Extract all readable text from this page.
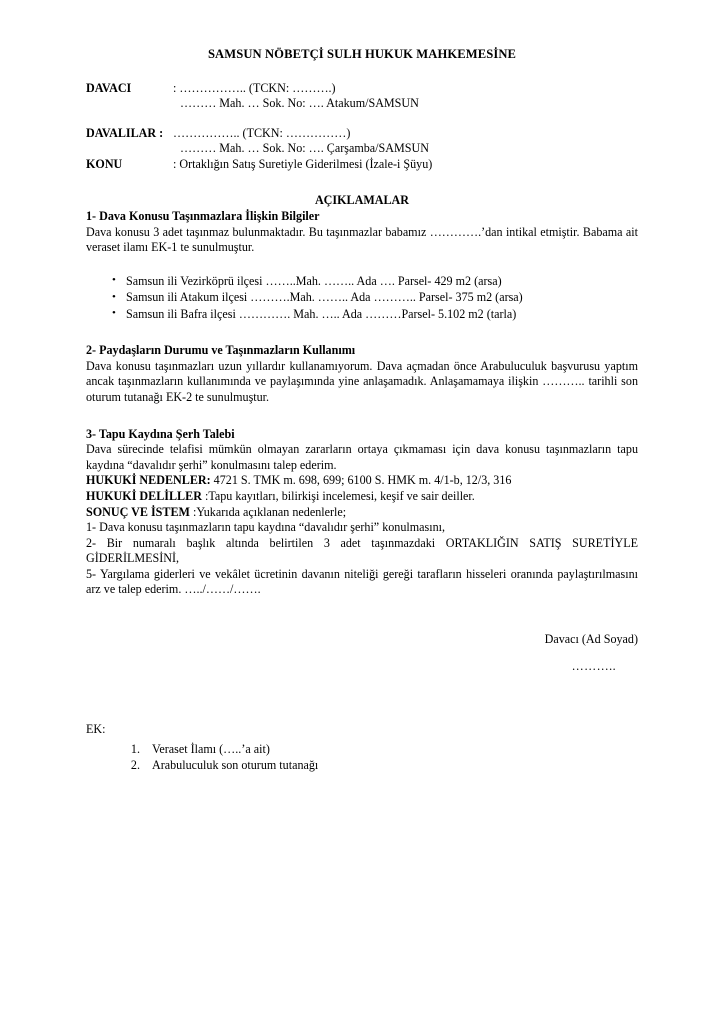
SAMSUN NÖBETÇİ SULH HUKUK MAHKEMESİNE
DAVACI	: …………….. (TCKN: ……….)
……… Mah. … Sok. No: …. Atakum/SAMSUN
DAVALILAR : …………….. (TCKN: ……………)
……… Mah. … Sok. No: …. Çarşamba/SAMSUN
KONU	: Ortaklığın Satış Suretiyle Giderilmesi (İzale-i Şüyu)
AÇIKLAMALAR
1- Dava Konusu Taşınmazlara İlişkin Bilgiler

Dava konusu 3 adet taşınmaz bulunmaktadır. Bu taşınmazlar babamız ………….’dan intikal etmiştir. Babama ait veraset ilamı EK-1 te sunulmuştur.

• Samsun ili Vezirköprü ilçesi ……..Mah. …….. Ada …. Parsel- 429 m2 (arsa)
• Samsun ili Atakum ilçesi ……….Mah. …….. Ada ……….. Parsel- 375 m2 (arsa)
• Samsun ili Bafra ilçesi …………. Mah. ….. Ada ………Parsel- 5.102 m2 (tarla)
2- Paydaşların Durumu ve Taşınmazların Kullanımı

Dava konusu taşınmazları uzun yıllardır kullanamıyorum. Dava açmadan önce Arabuluculuk başvurusu yaptım ancak taşınmazların kullanımında ve paylaşımında yine anlaşamadık. Anlaşamamaya ilişkin ……….. tarihli son oturum tutanağı EK-2 te sunulmuştur.

3- Tapu Kaydına Şerh Talebi

Dava sürecinde telafisi mümkün olmayan zararların ortaya çıkmaması için dava konusu taşınmazların tapu kaydına “davalıdır şerhi” konulmasını talep ederim.

HUKUKİ NEDENLER: 4721 S. TMK m. 698, 699; 6100 S. HMK m. 4/1-b, 12/3, 316

HUKUKİ DELİLLER :Tapu kayıtları, bilirkişi incelemesi, keşif ve sair deiller.

SONUÇ VE İSTEM :Yukarıda açıklanan nedenlerle;

1- Dava konusu taşınmazların tapu kaydına “davalıdır şerhi” konulmasını,

2- Bir numaralı başlık altında belirtilen 3 adet taşınmazdaki ORTAKLIĞIN SATIŞ SURETİYLE GİDERİLMESİNİ,

5- Yargılama giderleri ve vekâlet ücretinin davanın niteliği gereği tarafların hisseleri oranında paylaştırılmasını arz ve talep ederim. …../……/…….

Davacı (Ad Soyad)
………..

EK:

1. Veraset İlamı (…..’a ait)
2. Arabuluculuk son oturum tutanağı
